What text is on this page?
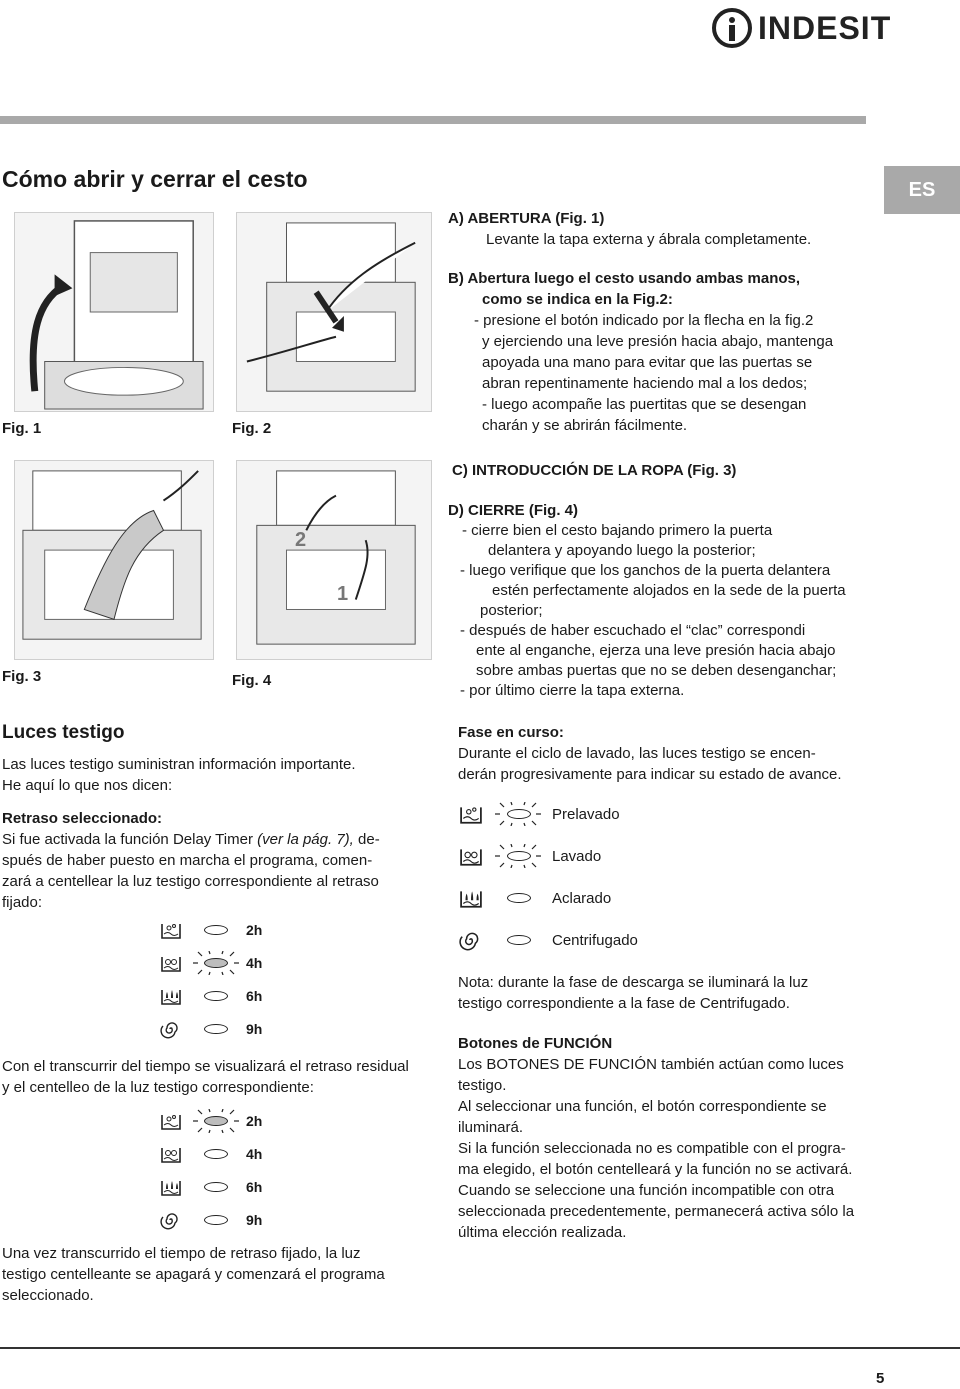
INDESIT
ES
Cómo abrir y cerrar el cesto
Fig. 1	Fig. 2
2
1
Fig. 3	Fig. 4
A) ABERTURA (Fig. 1)
Levante la tapa externa y ábrala completamente.
B) Abertura luego el cesto usando ambas manos,
como se indica en la Fig.2:
- presione el botón indicado por la flecha en la fig.2
y ejerciendo una leve presión hacia abajo, mantenga
apoyada una mano para evitar que las puertas se
abran repentinamente haciendo mal a los dedos;
- luego acompañe las puertitas que se desengan
charán y se abrirán fácilmente.
C) INTRODUCCIÓN DE LA ROPA (Fig. 3)
D) CIERRE (Fig. 4)
- cierre bien el cesto bajando primero la puerta
delantera y apoyando luego la posterior;
- luego verifique que los ganchos de la puerta delantera
estén perfectamente alojados en la sede de la puerta
posterior;
- después de haber escuchado el “clac” correspondi
ente al enganche, ejerza una leve presión hacia abajo
sobre ambas puertas que no se deben desenganchar;
- por último cierre la tapa externa.
Luces testigo
Las luces testigo suministran información importante.
He aquí lo que nos dicen:
Retraso seleccionado:
Si fue activada la función Delay Timer (ver la pág. 7), de-
spués de haber puesto en marcha el programa, comen-
zará a centellear la luz testigo correspondiente al retraso
fijado:
2h
4h
6h
9h
Con el transcurrir del tiempo se visualizará el retraso residual
y el centelleo de la luz testigo correspondiente:
2h
4h
6h
9h
Una vez transcurrido el tiempo de retraso fijado, la luz
testigo centelleante se apagará y comenzará el programa
seleccionado.
Fase en curso:
Durante el ciclo de lavado, las luces testigo se encen-
derán progresivamente para indicar su estado de avance.
Prelavado
Lavado
Aclarado
Centrifugado
Nota: durante la fase de descarga se iluminará la luz
testigo correspondiente a la fase de Centrifugado.
Botones de FUNCIÓN
Los BOTONES DE FUNCIÓN también actúan como luces
testigo.
Al seleccionar una función, el botón correspondiente se
iluminará.
Si la función seleccionada no es compatible con el progra-
ma elegido, el botón centelleará y la función no se activará.
Cuando se seleccione una función incompatible con otra
seleccionada precedentemente, permanecerá activa sólo la
última elección realizada.
5
